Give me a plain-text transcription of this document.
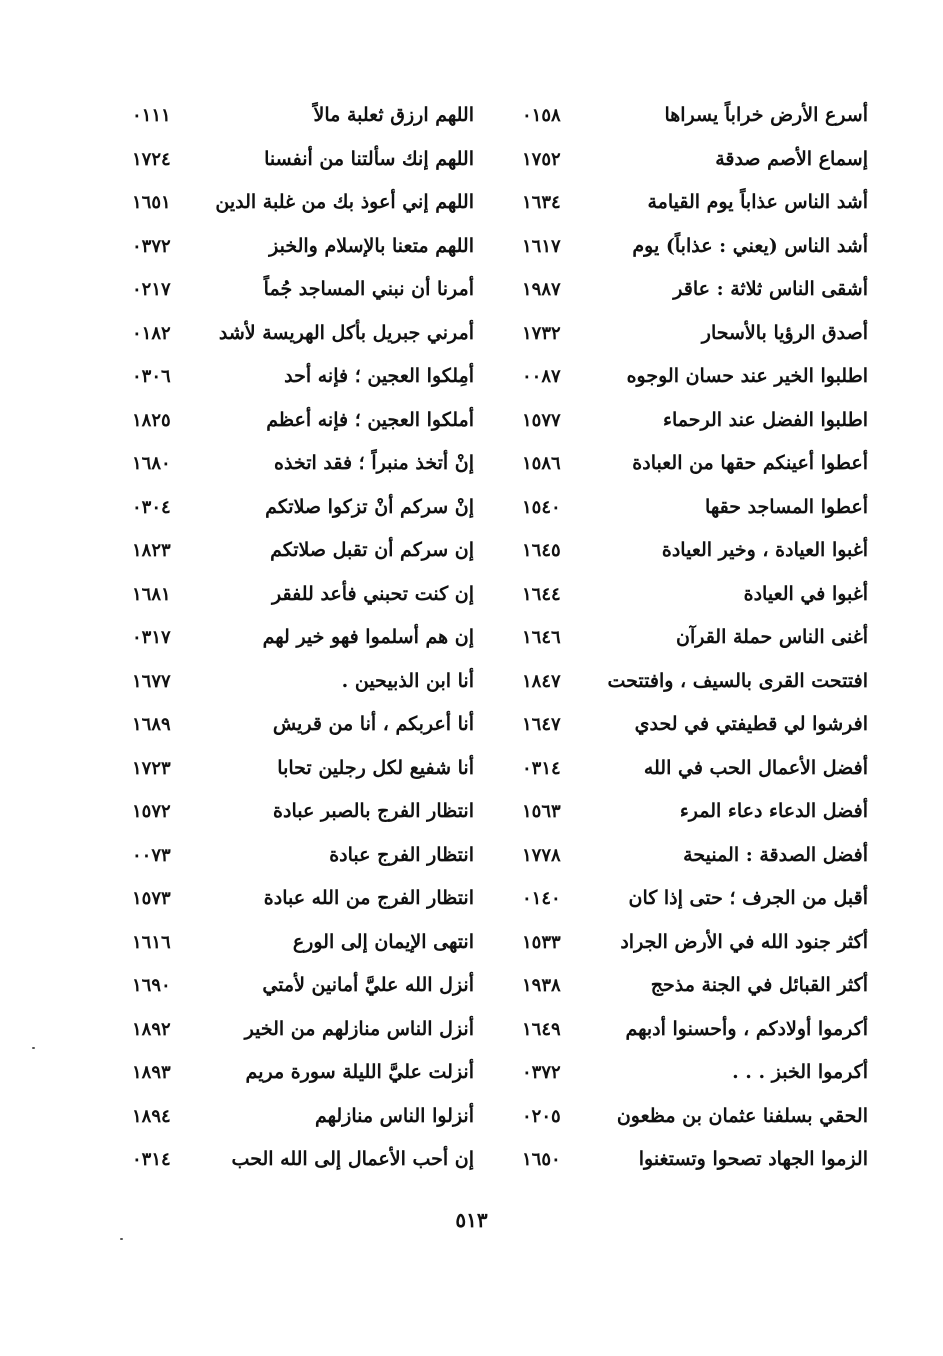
أسرع الأرض خراباً يسراها
٠١٥٨
اللهم ارزق ثعلبة مالاً
٠١١١
إسماع الأصم صدقة
١٧٥٢
اللهم إنك سألتنا من أنفسنا
١٧٢٤
أشد الناس عذاباً يوم القيامة
١٦٣٤
اللهم إني أعوذ بك من غلبة الدين
١٦٥١
أشد الناس (يعني : عذاباً) يوم
١٦١٧
اللهم متعنا بالإسلام والخبز
٠٣٧٢
أشقى الناس ثلاثة : عاقر
١٩٨٧
أمرنا أن نبني المساجد جُماً
٠٢١٧
أصدق الرؤيا بالأسحار
١٧٣٢
أمرني جبريل بأكل الهريسة لأشد
٠١٨٢
اطلبوا الخير عند حسان الوجوه
٠٠٨٧
أمِلكوا العجين ؛ فإنه أحد
٠٣٠٦
اطلبوا الفضل عند الرحماء
١٥٧٧
أملكوا العجين ؛ فإنه أعظم
١٨٢٥
أعطوا أعينكم حقها من العبادة
١٥٨٦
إنْ أتخذ منبراً ؛ فقد اتخذه
١٦٨٠
أعطوا المساجد حقها
١٥٤٠
إنْ سركم أنْ تزكوا صلاتكم
٠٣٠٤
أغبوا العيادة ، وخير العيادة
١٦٤٥
إن سركم أن تقبل صلاتكم
١٨٢٣
أغبوا في العيادة
١٦٤٤
إن كنت تحبني فأعد للفقر
١٦٨١
أغنى الناس حملة القرآن
١٦٤٦
إن هم أسلموا فهو خير لهم
٠٣١٧
افتتحت القرى بالسيف ، وافتتحت
١٨٤٧
أنا ابن الذبيحين .
١٦٧٧
افرشوا لي قطيفتي في لحدي
١٦٤٧
أنا أعربكم ، أنا من قريش
١٦٨٩
أفضل الأعمال الحب في الله
٠٣١٤
أنا شفيع لكل رجلين تحابا
١٧٢٣
أفضل الدعاء دعاء المرء
١٥٦٣
انتظار الفرج بالصبر عبادة
١٥٧٢
أفضل الصدقة : المنيحة
١٧٧٨
انتظار الفرج عبادة
٠٠٧٣
أقبل من الجرف ؛ حتى إذا كان
٠١٤٠
انتظار الفرج من الله عبادة
١٥٧٣
أكثر جنود الله في الأرض الجراد
١٥٣٣
انتهى الإيمان إلى الورع
١٦١٦
أكثر القبائل في الجنة مذحج
١٩٣٨
أنزل الله عليَّ أمانين لأمتي
١٦٩٠
أكرموا أولادكم ، وأحسنوا أدبهم
١٦٤٩
أنزل الناس منازلهم من الخير
١٨٩٢
أكرموا الخبز . . .
٠٣٧٢
أنزلت عليَّ الليلة سورة مريم
١٨٩٣
الحقي بسلفنا عثمان بن مظعون
٠٢٠٥
أنزلوا الناس منازلهم
١٨٩٤
الزموا الجهاد تصحوا وتستغنوا
١٦٥٠
إن أحب الأعمال إلى الله الحب
٠٣١٤
٥١٣
